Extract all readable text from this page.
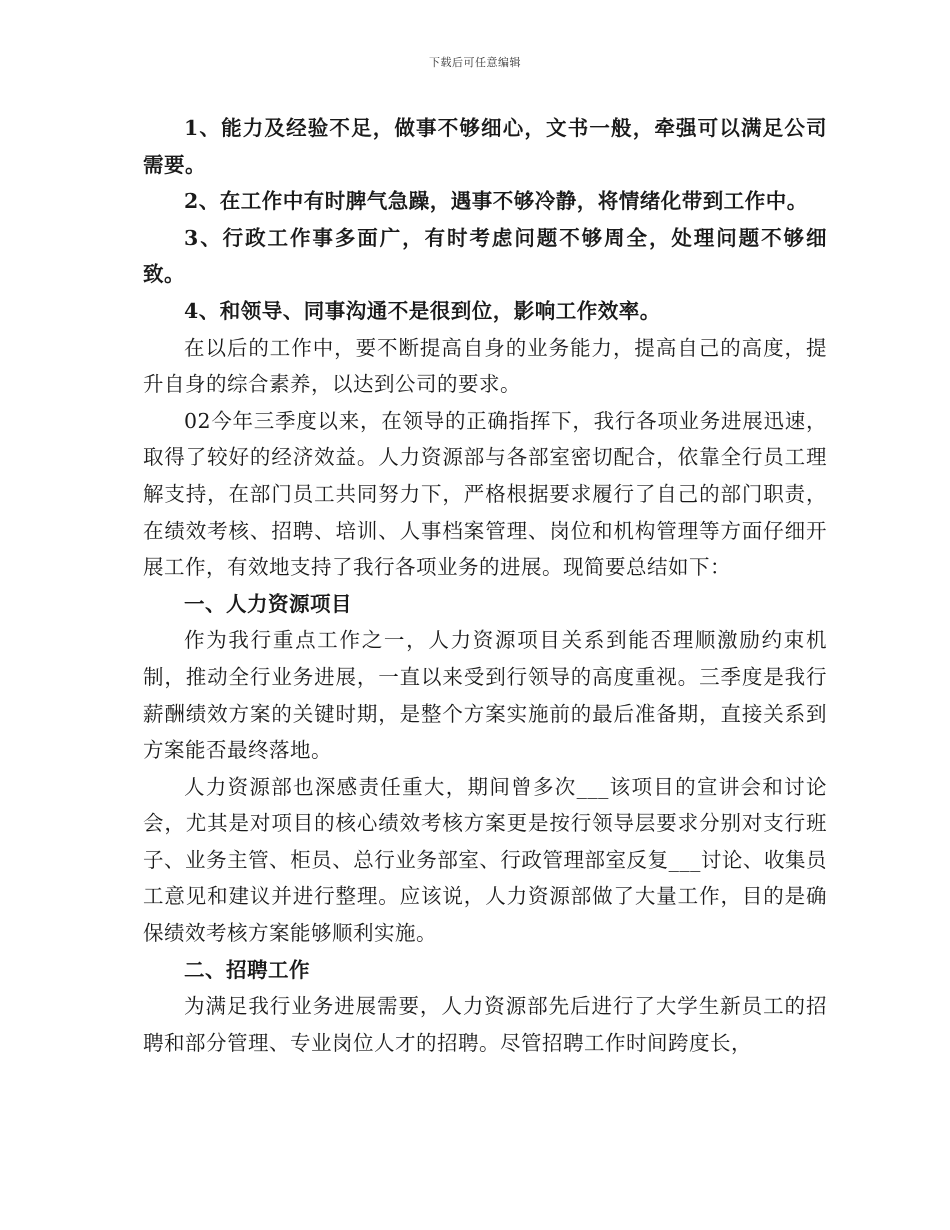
下载后可任意编辑

1、能力及经验不足，做事不够细心，文书一般，牵强可以满足公司需要。

2、在工作中有时脾气急躁，遇事不够冷静，将情绪化带到工作中。

3、行政工作事多面广，有时考虑问题不够周全，处理问题不够细致。

4、和领导、同事沟通不是很到位，影响工作效率。

在以后的工作中，要不断提高自身的业务能力，提高自己的高度，提升自身的综合素养，以达到公司的要求。

02今年三季度以来，在领导的正确指挥下，我行各项业务进展迅速，取得了较好的经济效益。人力资源部与各部室密切配合，依靠全行员工理解支持，在部门员工共同努力下，严格根据要求履行了自己的部门职责，在绩效考核、招聘、培训、人事档案管理、岗位和机构管理等方面仔细开展工作，有效地支持了我行各项业务的进展。现简要总结如下：

一、人力资源项目

作为我行重点工作之一，人力资源项目关系到能否理顺激励约束机制，推动全行业务进展，一直以来受到行领导的高度重视。三季度是我行薪酬绩效方案的关键时期，是整个方案实施前的最后准备期，直接关系到方案能否最终落地。

人力资源部也深感责任重大，期间曾多次___该项目的宣讲会和讨论会，尤其是对项目的核心绩效考核方案更是按行领导层要求分别对支行班子、业务主管、柜员、总行业务部室、行政管理部室反复___讨论、收集员工意见和建议并进行整理。应该说，人力资源部做了大量工作，目的是确保绩效考核方案能够顺利实施。

二、招聘工作

为满足我行业务进展需要，人力资源部先后进行了大学生新员工的招聘和部分管理、专业岗位人才的招聘。尽管招聘工作时间跨度长，
